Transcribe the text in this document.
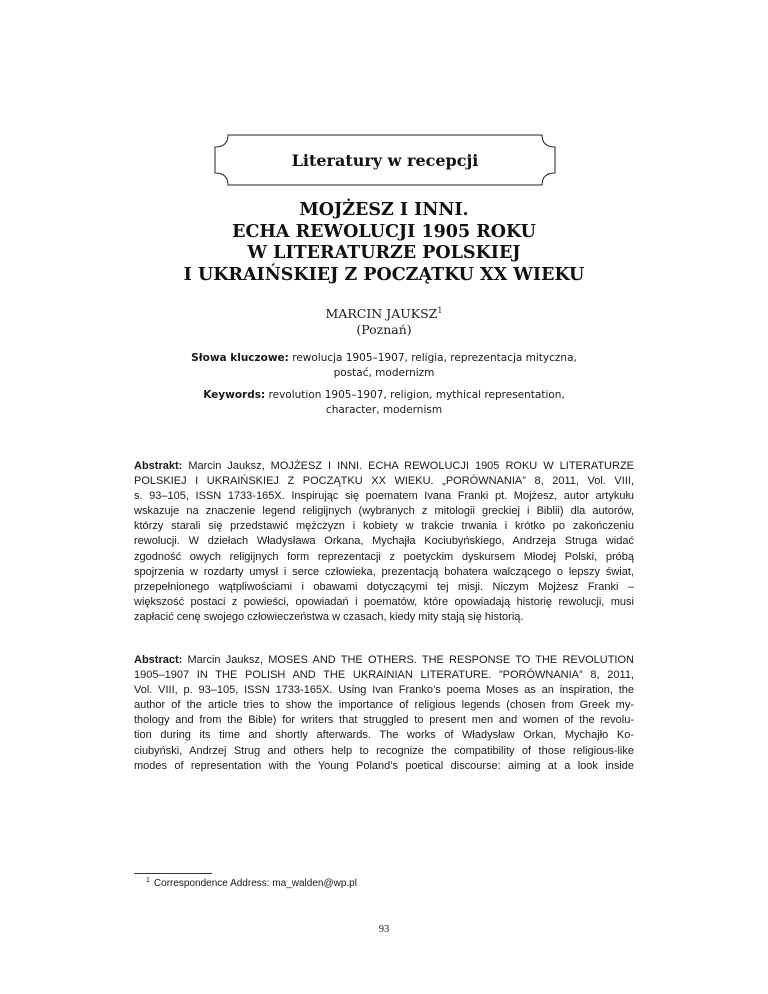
Literatury w recepcji
MOJŻESZ I INNI.
ECHA REWOLUCJI 1905 ROKU
W LITERATURZE POLSKIEJ
I UKRAIŃSKIEJ Z POCZĄTKU XX WIEKU
MARCIN JAUKSZ$^1$
(Poznań)
Słowa kluczowe: rewolucja 1905–1907, religia, reprezentacja mityczna,
postać, modernizm
Keywords: revolution 1905–1907, religion, mythical representation,
character, modernism
Abstrakt: Marcin Jauksz, MOJŻESZ I INNI. ECHA REWOLUCJI 1905 ROKU W LITERATURZE
POLSKIEJ I UKRAIŃSKIEJ Z POCZĄTKU XX WIEKU. „PORÓWNANIA” 8, 2011, Vol. VIII,
s. 93–105, ISSN 1733-165X. Inspirując się poematem Ivana Franki pt. Mojżesz, autor artykułu
wskazuje na znaczenie legend religijnych (wybranych z mitologii greckiej i Biblii) dla autorów,
którzy starali się przedstawić mężczyzn i kobiety w trakcie trwania i krótko po zakończeniu
rewolucji. W dziełach Władysława Orkana, Mychajła Kociubyńskiego, Andrzeja Struga widać
zgodność owych religijnych form reprezentacji z poetyckim dyskursem Młodej Polski, próbą
spojrzenia w rozdarty umysł i serce człowieka, prezentacją bohatera walczącego o lepszy świat,
przepełnionego wątpliwościami i obawami dotyczącymi tej misji. Niczym Mojżesz Franki –
większość postaci z powieści, opowiadań i poematów, które opowiadają historię rewolucji, musi
zapłacić cenę swojego człowieczeństwa w czasach, kiedy mity stają się historią.
Abstract: Marcin Jauksz, MOSES AND THE OTHERS. THE RESPONSE TO THE REVOLUTION
1905–1907 IN THE POLISH AND THE UKRAINIAN LITERATURE. ”PORÓWNANIA” 8, 2011,
Vol. VIII, p. 93–105, ISSN 1733-165X. Using Ivan Franko’s poema Moses as an inspiration, the
author of the article tries to show the importance of religious legends (chosen from Greek my-
thology and from the Bible) for writers that struggled to present men and women of the revolu-
tion during its time and shortly afterwards. The works of Władysław Orkan, Mychajło Ko-
ciubyński, Andrzej Strug and others help to recognize the compatibility of those religious-like
modes of representation with the Young Poland’s poetical discourse: aiming at a look inside
$^1$ Correspondence Address: ma_walden@wp.pl
93
